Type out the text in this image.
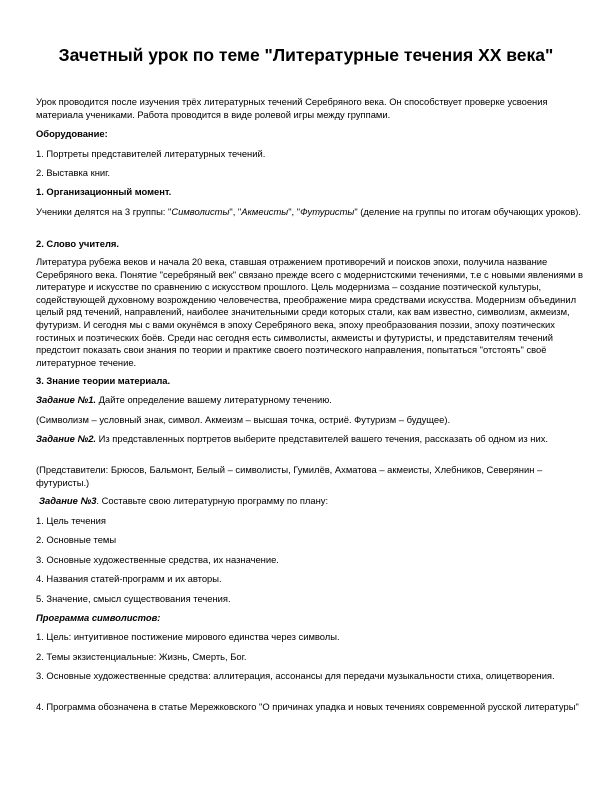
Зачетный урок по теме "Литературные течения XX века"

Урок проводится после изучения трёх литературных течений Серебряного века. Он способствует проверке усвоения материала учениками. Работа проводится в виде ролевой игры между группами.

Оборудование:

1. Портреты представителей литературных течений.

2. Выставка книг.

1. Организационный момент.

Ученики делятся на 3 группы: "Символисты", "Акмеисты", "Футуристы" (деление на группы по итогам обучающих уроков).

2. Слово учителя.

Литература рубежа веков и начала 20 века, ставшая отражением противоречий и поисков эпохи, получила название Серебряного века. Понятие "серебряный век" связано прежде всего с модернистскими течениями, т.е с новыми явлениями в литературе и искусстве по сравнению с искусством прошлого. Цель модернизма – создание поэтической культуры, содействующей духовному возрождению человечества, преображение мира средствами искусства. Модернизм объединил целый ряд течений, направлений, наиболее значительными среди которых стали, как вам известно, символизм, акмеизм, футуризм. И сегодня мы с вами окунёмся в эпоху Серебряного века, эпоху преобразования поэзии, эпоху поэтических гостиных и поэтических боёв. Среди нас сегодня есть символисты, акмеисты и футуристы, и представителям течений предстоит показать свои знания по теории и практике своего поэтического направления, попытаться "отстоять" своё литературное течение.

3. Знание теории материала.

Задание №1. Дайте определение вашему литературному течению.

(Символизм – условный знак, символ. Акмеизм – высшая точка, остриё. Футуризм – будущее).

Задание №2. Из представленных портретов выберите представителей вашего течения, рассказать об одном из них.

(Представители: Брюсов, Бальмонт, Белый – символисты, Гумилёв, Ахматова – акмеисты, Хлебников, Северянин – футуристы.)

Задание №3. Составьте свою литературную программу по плану:

1. Цель течения

2. Основные темы

3. Основные художественные средства, их назначение.

4. Названия статей-программ и их авторы.

5. Значение, смысл существования течения.

Программа символистов:

1. Цель: интуитивное постижение мирового единства через символы.

2. Темы экзистенциальные: Жизнь, Смерть, Бог.

3. Основные художественные средства: аллитерация, ассонансы для передачи музыкальности стиха, олицетворения.

4. Программа обозначена в статье Мережковского "О причинах упадка и новых течениях современной русской литературы"
